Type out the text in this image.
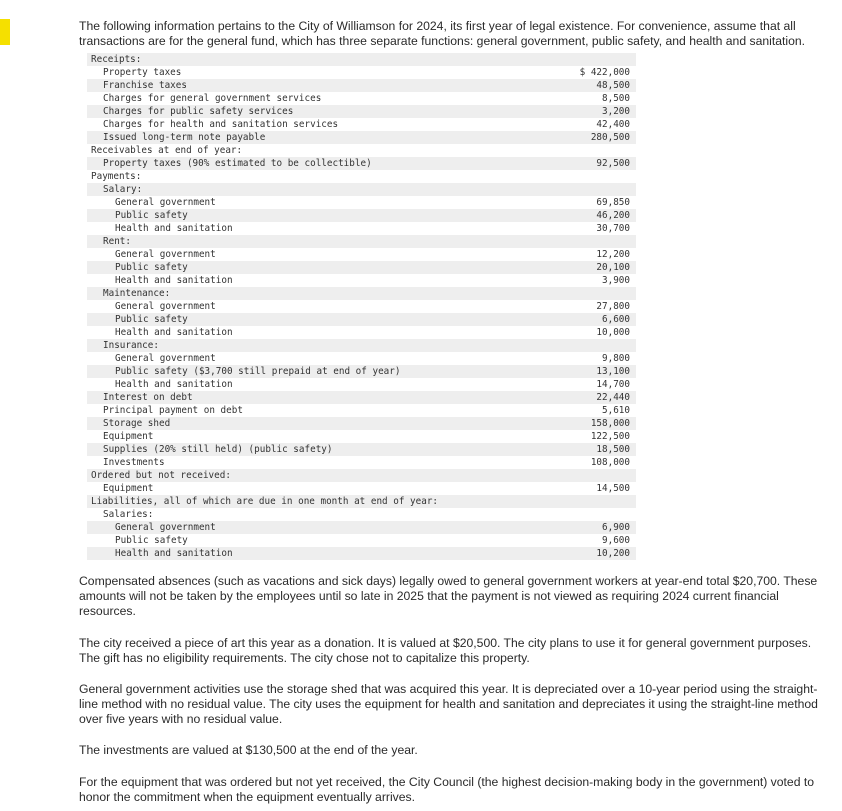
The following information pertains to the City of Williamson for 2024, its first year of legal existence. For convenience, assume that all transactions are for the general fund, which has three separate functions: general government, public safety, and health and sanitation.

Receipts:
Property taxes	$ 422,000
Franchise taxes	48,500
Charges for general government services	8,500
Charges for public safety services	3,200
Charges for health and sanitation services	42,400
Issued long-term note payable	280,500
Receivables at end of year:
Property taxes (90% estimated to be collectible)	92,500
Payments:
Salary:
General government	69,850
Public safety	46,200
Health and sanitation	30,700
Rent:
General government	12,200
Public safety	20,100
Health and sanitation	3,900
Maintenance:
General government	27,800
Public safety	6,600
Health and sanitation	10,000
Insurance:
General government	9,800
Public safety ($3,700 still prepaid at end of year)	13,100
Health and sanitation	14,700
Interest on debt	22,440
Principal payment on debt	5,610
Storage shed	158,000
Equipment	122,500
Supplies (20% still held) (public safety)	18,500
Investments	108,000
Ordered but not received:
Equipment	14,500
Liabilities, all of which are due in one month at end of year:
Salaries:
General government	6,900
Public safety	9,600
Health and sanitation	10,200

Compensated absences (such as vacations and sick days) legally owed to general government workers at year-end total $20,700. These amounts will not be taken by the employees until so late in 2025 that the payment is not viewed as requiring 2024 current financial resources.

The city received a piece of art this year as a donation. It is valued at $20,500. The city plans to use it for general government purposes. The gift has no eligibility requirements. The city chose not to capitalize this property.

General government activities use the storage shed that was acquired this year. It is depreciated over a 10-year period using the straight-line method with no residual value. The city uses the equipment for health and sanitation and depreciates it using the straight-line method over five years with no residual value.

The investments are valued at $130,500 at the end of the year.

For the equipment that was ordered but not yet received, the City Council (the highest decision-making body in the government) voted to honor the commitment when the equipment eventually arrives.
